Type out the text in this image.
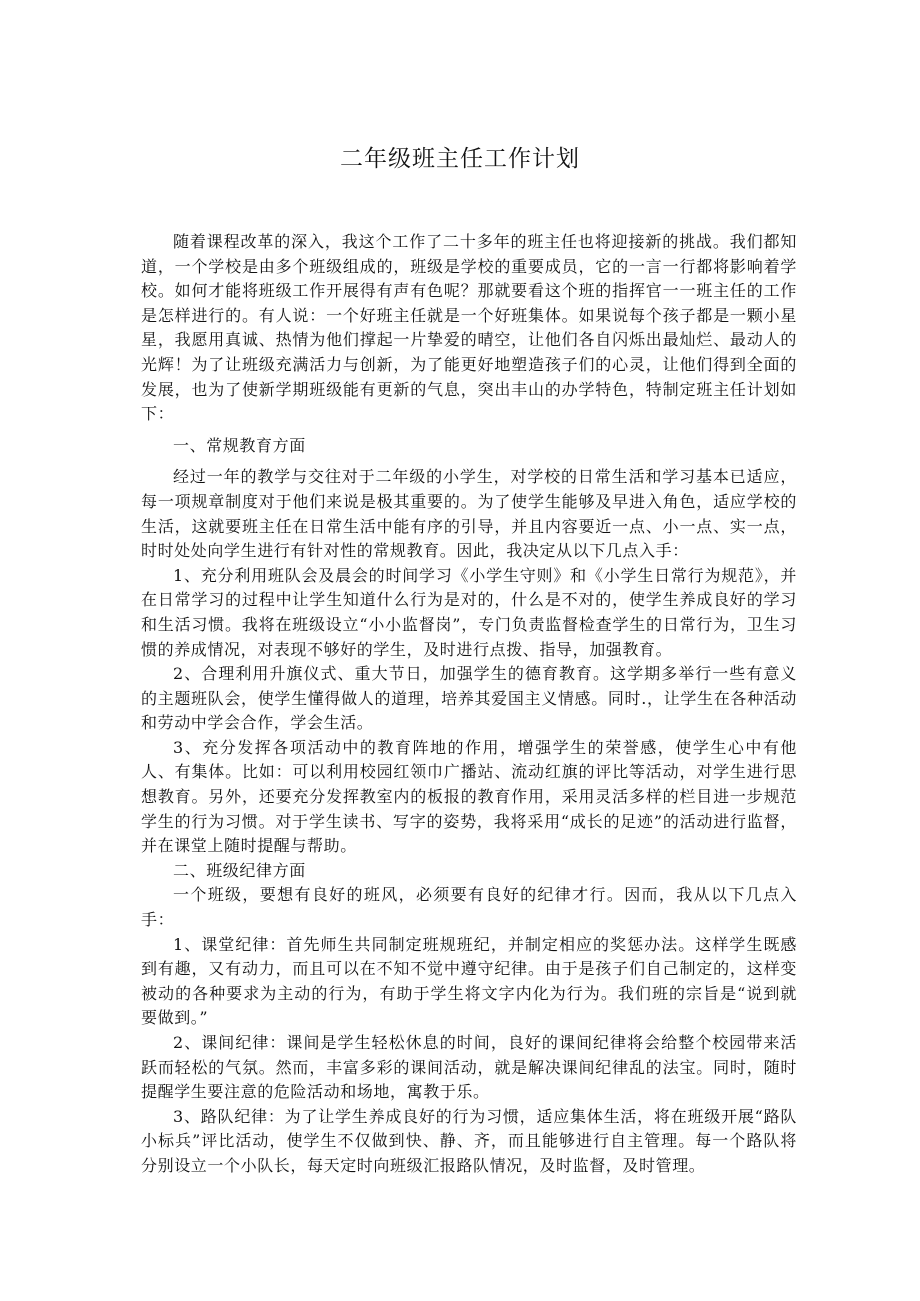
二年级班主任工作计划

随着课程改革的深入，我这个工作了二十多年的班主任也将迎接新的挑战。我们都知道，一个学校是由多个班级组成的，班级是学校的重要成员，它的一言一行都将影响着学校。如何才能将班级工作开展得有声有色呢？那就要看这个班的指挥官一一班主任的工作是怎样进行的。有人说：一个好班主任就是一个好班集体。如果说每个孩子都是一颗小星星，我愿用真诚、热情为他们撑起一片挚爱的晴空，让他们各自闪烁出最灿烂、最动人的光辉！为了让班级充满活力与创新，为了能更好地塑造孩子们的心灵，让他们得到全面的发展，也为了使新学期班级能有更新的气息，突出丰山的办学特色，特制定班主任计划如下：

一、常规教育方面

经过一年的教学与交往对于二年级的小学生，对学校的日常生活和学习基本已适应，每一项规章制度对于他们来说是极其重要的。为了使学生能够及早进入角色，适应学校的生活，这就要班主任在日常生活中能有序的引导，并且内容要近一点、小一点、实一点，时时处处向学生进行有针对性的常规教育。因此，我决定从以下几点入手：

1、充分利用班队会及晨会的时间学习《小学生守则》和《小学生日常行为规范》，并在日常学习的过程中让学生知道什么行为是对的，什么是不对的，使学生养成良好的学习和生活习惯。我将在班级设立“小小监督岗”，专门负责监督检查学生的日常行为，卫生习惯的养成情况，对表现不够好的学生，及时进行点拨、指导，加强教育。

2、合理利用升旗仪式、重大节日，加强学生的德育教育。这学期多举行一些有意义的主题班队会，使学生懂得做人的道理，培养其爱国主义情感。同时.，让学生在各种活动和劳动中学会合作，学会生活。

3、充分发挥各项活动中的教育阵地的作用，增强学生的荣誉感，使学生心中有他人、有集体。比如：可以利用校园红领巾广播站、流动红旗的评比等活动，对学生进行思想教育。另外，还要充分发挥教室内的板报的教育作用，采用灵活多样的栏目进一步规范学生的行为习惯。对于学生读书、写字的姿势，我将采用“成长的足迹”的活动进行监督，并在课堂上随时提醒与帮助。

二、班级纪律方面

一个班级，要想有良好的班风，必须要有良好的纪律才行。因而，我从以下几点入手：

1、课堂纪律：首先师生共同制定班规班纪，并制定相应的奖惩办法。这样学生既感到有趣，又有动力，而且可以在不知不觉中遵守纪律。由于是孩子们自己制定的，这样变被动的各种要求为主动的行为，有助于学生将文字内化为行为。我们班的宗旨是“说到就要做到。”

2、课间纪律：课间是学生轻松休息的时间，良好的课间纪律将会给整个校园带来活跃而轻松的气氛。然而，丰富多彩的课间活动，就是解决课间纪律乱的法宝。同时，随时提醒学生要注意的危险活动和场地，寓教于乐。

3、路队纪律：为了让学生养成良好的行为习惯，适应集体生活，将在班级开展“路队小标兵”评比活动，使学生不仅做到快、静、齐，而且能够进行自主管理。每一个路队将分别设立一个小队长，每天定时向班级汇报路队情况，及时监督，及时管理。
